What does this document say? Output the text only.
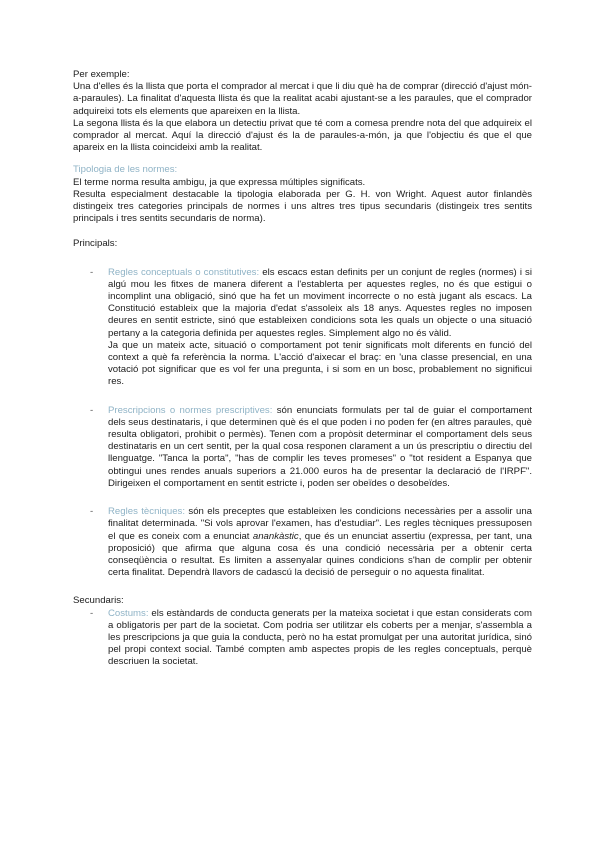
Per exemple:

Una d'elles és la llista que porta el comprador al mercat i que li diu què ha de comprar (direcció d'ajust món-a-paraules). La finalitat d'aquesta llista és que la realitat acabi ajustant-se a les paraules, que el comprador adquireixi tots els elements que apareixen en la llista.

La segona llista és la que elabora un detectiu privat que té com a comesa prendre nota del que adquireix el comprador al mercat. Aquí la direcció d'ajust és la de paraules-a-món, ja que l'objectiu és que el que apareix en la llista coincideixi amb la realitat.

Tipologia de les normes:

El terme norma resulta ambigu, ja que expressa múltiples significats.

Resulta especialment destacable la tipologia elaborada per G. H. von Wright. Aquest autor finlandès distingeix tres categories principals de normes i uns altres tres tipus secundaris (distingeix tres sentits principals i tres sentits secundaris de norma).

Principals:

- Regles conceptuals o constitutives: els escacs estan definits per un conjunt de regles (normes) i si algú mou les fitxes de manera diferent a l'establerta per aquestes regles, no és que estigui o incomplint una obligació, sinó que ha fet un moviment incorrecte o no està jugant als escacs. La Constitució estableix que la majoria d'edat s'assoleix als 18 anys. Aquestes regles no imposen deures en sentit estricte, sinó que estableixen condicions sota les quals un objecte o una situació pertany a la categoria definida per aquestes regles. Simplement algo no és vàlid.

Ja que un mateix acte, situació o comportament pot tenir significats molt diferents en funció del context a què fa referència la norma. L'acció d'aixecar el braç: en 'una classe presencial, en una votació pot significar que es vol fer una pregunta, i si som en un bosc, probablement no significui res.

- Prescripcions o normes prescriptives: són enunciats formulats per tal de guiar el comportament dels seus destinataris, i que determinen què és el que poden i no poden fer (en altres paraules, què resulta obligatori, prohibit o permès). Tenen com a propòsit determinar el comportament dels seus destinataris en un cert sentit, per la qual cosa responen clarament a un ús prescriptiu o directiu del llenguatge. "Tanca la porta", "has de complir les teves promeses" o "tot resident a Espanya que obtingui unes rendes anuals superiors a 21.000 euros ha de presentar la declaració de l'IRPF". Dirigeixen el comportament en sentit estricte i, poden ser obeïdes o desobeïdes.

- Regles tècniques: són els preceptes que estableixen les condicions necessàries per a assolir una finalitat determinada. "Si vols aprovar l'examen, has d'estudiar". Les regles tècniques pressuposen el que es coneix com a enunciat anankàstic, que és un enunciat assertiu (expressa, per tant, una proposició) que afirma que alguna cosa és una condició necessària per a obtenir certa conseqüència o resultat. Es limiten a assenyalar quines condicions s'han de complir per obtenir certa finalitat. Dependrà llavors de cadascú la decisió de perseguir o no aquesta finalitat.

Secundaris:

- Costums: els estàndards de conducta generats per la mateixa societat i que estan considerats com a obligatoris per part de la societat. Com podria ser utilitzar els coberts per a menjar, s'assembla a les prescripcions ja que guia la conducta, però no ha estat promulgat per una autoritat jurídica, sinó pel propi context social. També compten amb aspectes propis de les regles conceptuals, perquè descriuen la societat.
